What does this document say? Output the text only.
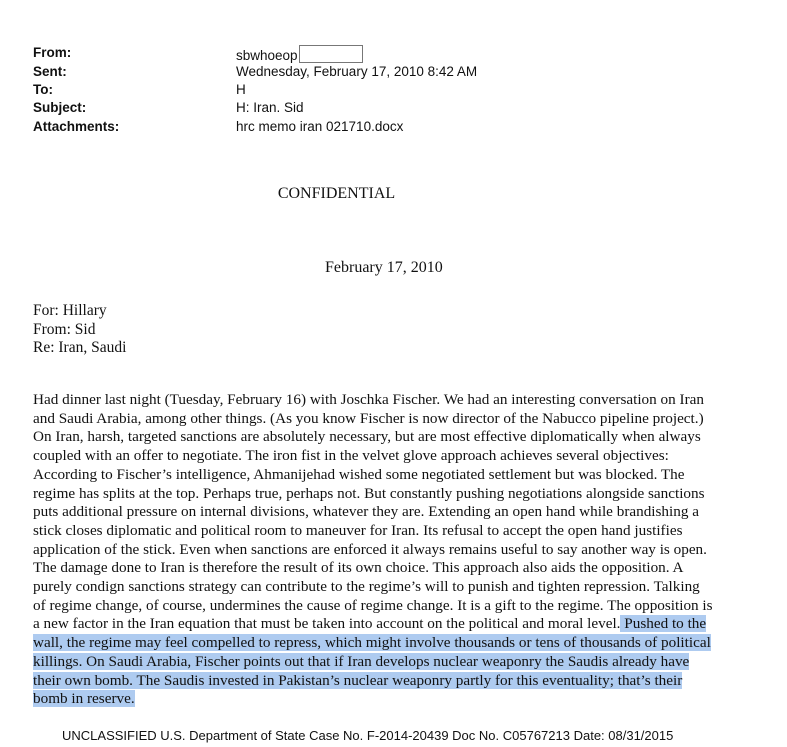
From:	sbwhoeop
Sent:	Wednesday, February 17, 2010 8:42 AM
To:	H
Subject:	H: Iran. Sid
Attachments:	hrc memo iran 021710.docx
CONFIDENTIAL
February 17, 2010
For: Hillary
From: Sid
Re: Iran, Saudi
Had dinner last night (Tuesday, February 16) with Joschka Fischer. We had an interesting conversation on Iran
and Saudi Arabia, among other things. (As you know Fischer is now director of the Nabucco pipeline project.)
On Iran, harsh, targeted sanctions are absolutely necessary, but are most effective diplomatically when always
coupled with an offer to negotiate. The iron fist in the velvet glove approach achieves several objectives:
According to Fischer’s intelligence, Ahmanijehad wished some negotiated settlement but was blocked. The
regime has splits at the top. Perhaps true, perhaps not. But constantly pushing negotiations alongside sanctions
puts additional pressure on internal divisions, whatever they are. Extending an open hand while brandishing a
stick closes diplomatic and political room to maneuver for Iran. Its refusal to accept the open hand justifies
application of the stick. Even when sanctions are enforced it always remains useful to say another way is open.
The damage done to Iran is therefore the result of its own choice. This approach also aids the opposition. A
purely condign sanctions strategy can contribute to the regime’s will to punish and tighten repression. Talking
of regime change, of course, undermines the cause of regime change. It is a gift to the regime. The opposition is
a new factor in the Iran equation that must be taken into account on the political and moral level. Pushed to the
wall, the regime may feel compelled to repress, which might involve thousands or tens of thousands of political
killings. On Saudi Arabia, Fischer points out that if Iran develops nuclear weaponry the Saudis already have
their own bomb. The Saudis invested in Pakistan’s nuclear weaponry partly for this eventuality; that’s their
bomb in reserve.
UNCLASSIFIED U.S. Department of State Case No. F-2014-20439 Doc No. C05767213 Date: 08/31/2015
